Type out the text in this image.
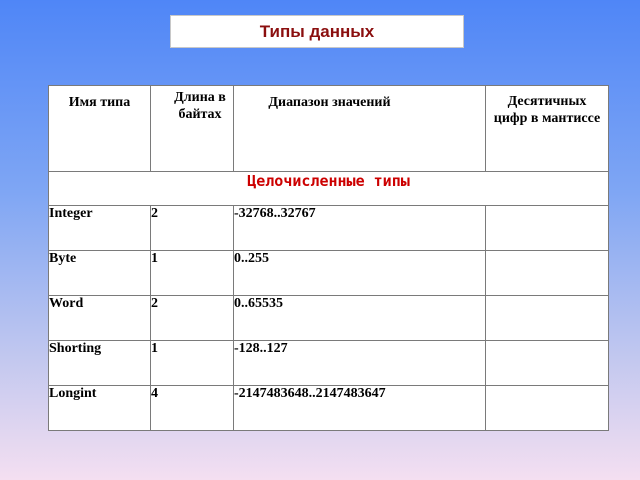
Типы данных
Имя типа	Длина в байтах	Диапазон значений	Десятичных цифр в мантиссе

Целочисленные типы			
Integer	2	-32768..32767	
Byte	1	0..255	
Word	2	0..65535	
Shorting	1	-128..127	
Longint	4	-2147483648..2147483647	
